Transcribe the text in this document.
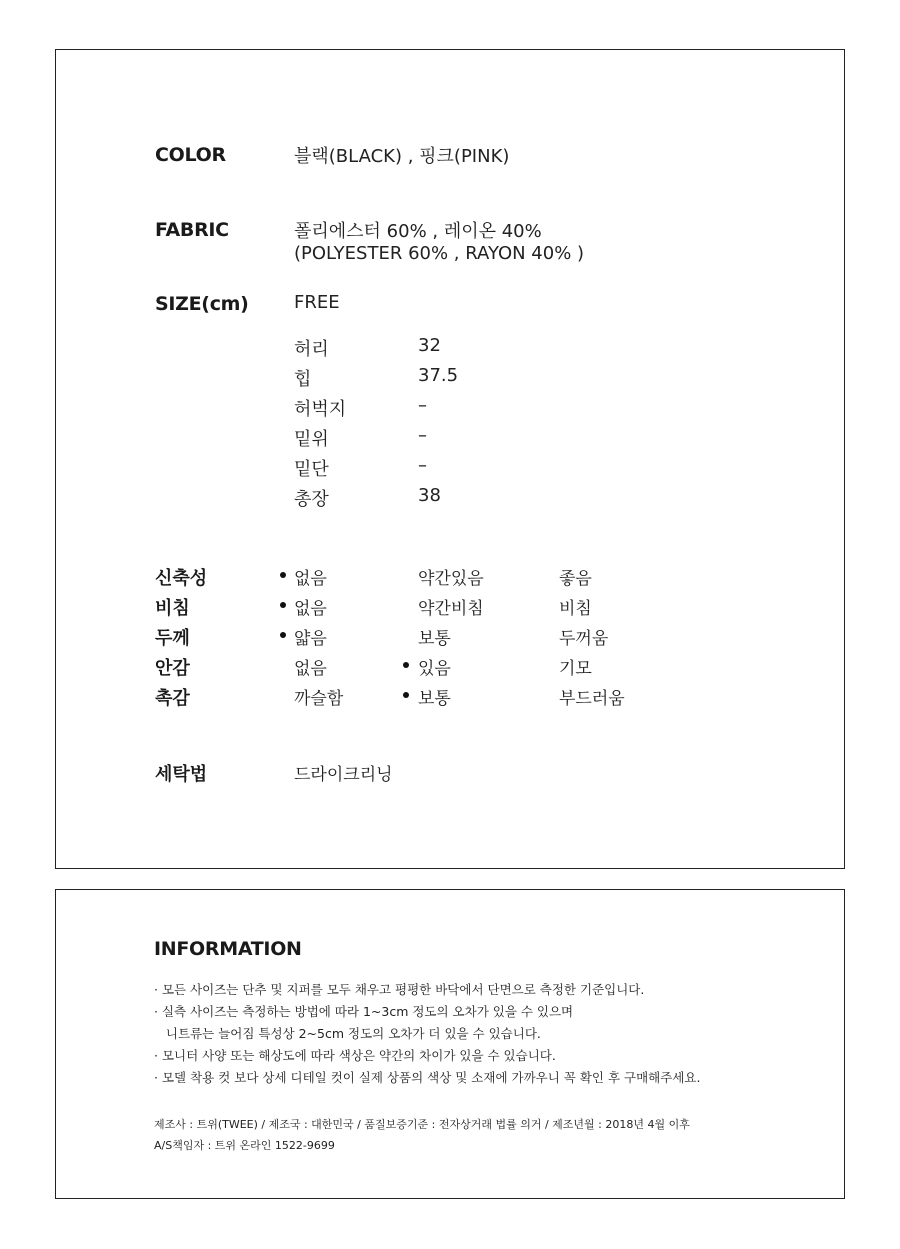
COLOR	블랙(BLACK) , 핑크(PINK)
FABRIC	폴리에스터 60% , 레이온 40%
(POLYESTER 60% , RAYON 40% )
SIZE(cm)	FREE
허리	32
힙	37.5
허벅지	–
밑위	–
밑단	–
총장	38
신축성	없음	약간있음	좋음
비침	없음	약간비침	비침
두께	얇음	보통	두꺼움
안감	없음	있음	기모
촉감	까슬함	보통	부드러움
세탁법	드라이크리닝
INFORMATION
· 모든 사이즈는 단추 및 지퍼를 모두 채우고 평평한 바닥에서 단면으로 측정한 기준입니다.
· 실측 사이즈는 측정하는 방법에 따라 1~3cm 정도의 오차가 있을 수 있으며
니트류는 늘어짐 특성상 2~5cm 정도의 오차가 더 있을 수 있습니다.
· 모니터 사양 또는 해상도에 따라 색상은 약간의 차이가 있을 수 있습니다.
· 모델 착용 컷 보다 상세 디테일 컷이 실제 상품의 색상 및 소재에 가까우니 꼭 확인 후 구매해주세요.
제조사 : 트위(TWEE) / 제조국 : 대한민국 / 품질보증기준 : 전자상거래 법률 의거 / 제조년월 : 2018년 4월 이후
A/S책임자 : 트위 온라인 1522-9699
